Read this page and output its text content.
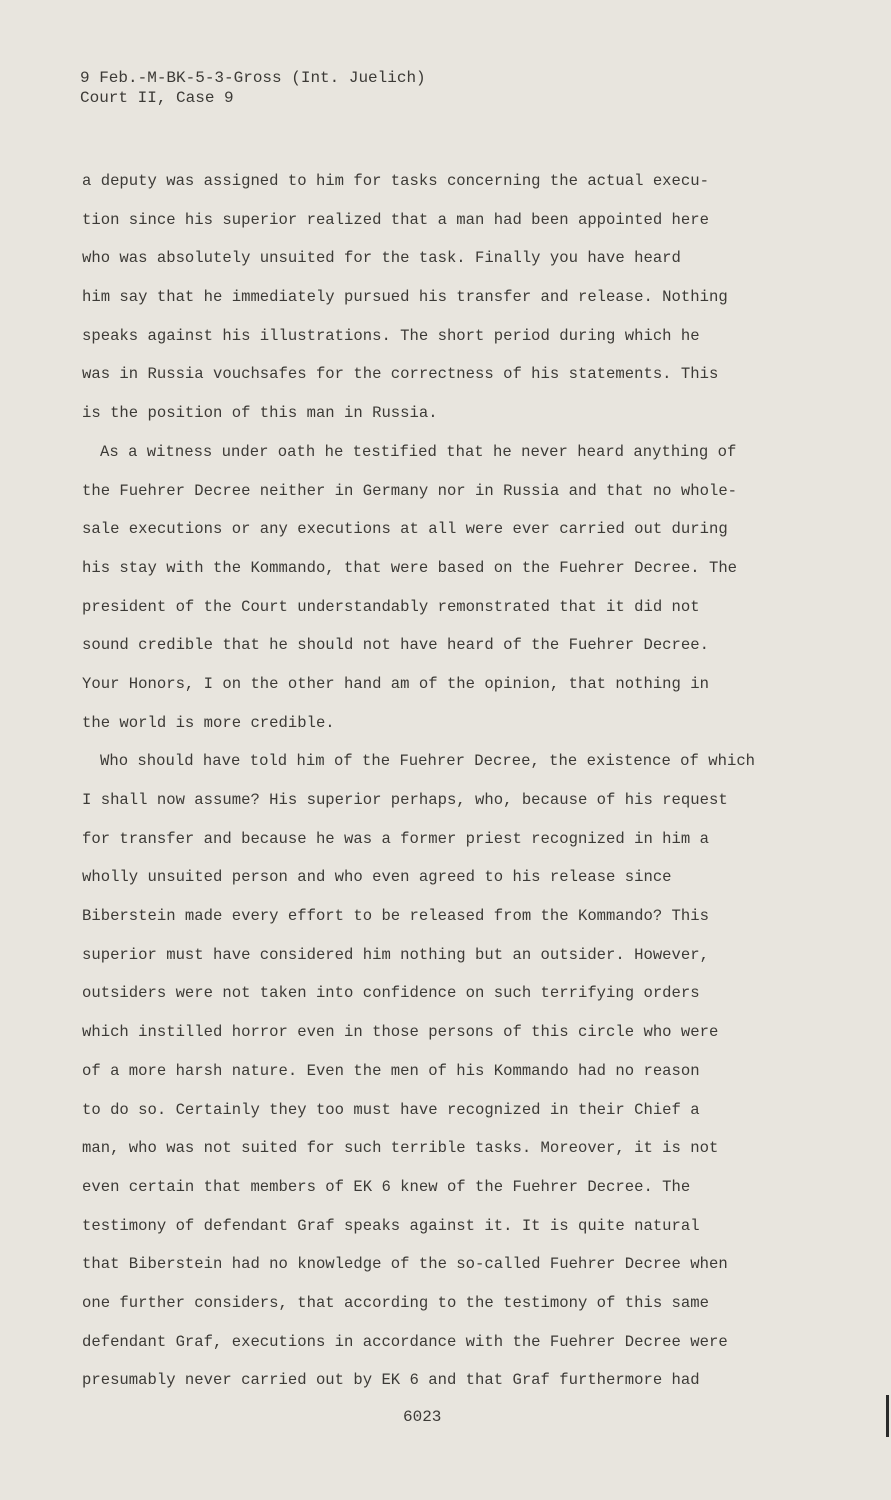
9 Feb.-M-BK-5-3-Gross (Int. Juelich)
Court II, Case 9
a deputy was assigned to him for tasks concerning the actual execu-
tion since his superior realized that a man had been appointed here
who was absolutely unsuited for the task. Finally you have heard
him say that he immediately pursued his transfer and release. Nothing
speaks against his illustrations. The short period during which he
was in Russia vouchsafes for the correctness of his statements. This
is the position of this man in Russia.
As a witness under oath he testified that he never heard anything of
the Fuehrer Decree neither in Germany nor in Russia and that no whole-
sale executions or any executions at all were ever carried out during
his stay with the Kommando, that were based on the Fuehrer Decree. The
president of the Court understandably remonstrated that it did not
sound credible that he should not have heard of the Fuehrer Decree.
Your Honors, I on the other hand am of the opinion, that nothing in
the world is more credible.
Who should have told him of the Fuehrer Decree, the existence of which
I shall now assume? His superior perhaps, who, because of his request
for transfer and because he was a former priest recognized in him a
wholly unsuited person and who even agreed to his release since
Biberstein made every effort to be released from the Kommando? This
superior must have considered him nothing but an outsider. However,
outsiders were not taken into confidence on such terrifying orders
which instilled horror even in those persons of this circle who were
of a more harsh nature. Even the men of his Kommando had no reason
to do so. Certainly they too must have recognized in their Chief a
man, who was not suited for such terrible tasks. Moreover, it is not
even certain that members of EK 6 knew of the Fuehrer Decree. The
testimony of defendant Graf speaks against it. It is quite natural
that Biberstein had no knowledge of the so-called Fuehrer Decree when
one further considers, that according to the testimony of this same
defendant Graf, executions in accordance with the Fuehrer Decree were
presumably never carried out by EK 6 and that Graf furthermore had
6023
